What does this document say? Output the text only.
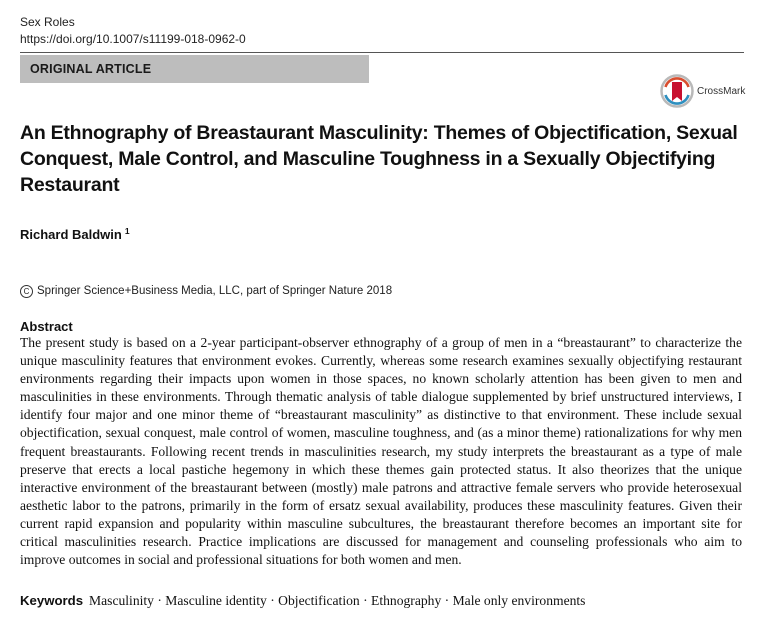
Sex Roles
https://doi.org/10.1007/s11199-018-0962-0
ORIGINAL ARTICLE
CrossMark
An Ethnography of Breastaurant Masculinity: Themes of Objectification, Sexual Conquest, Male Control, and Masculine Toughness in a Sexually Objectifying Restaurant
Richard Baldwin $^1$
C Springer Science+Business Media, LLC, part of Springer Nature 2018
Abstract

The present study is based on a 2-year participant-observer ethnography of a group of men in a “breastaurant” to characterize the unique masculinity features that environment evokes. Currently, whereas some research examines sexually objectifying restaurant environments regarding their impacts upon women in those spaces, no known scholarly attention has been given to men and masculinities in these environments. Through thematic analysis of table dialogue supplemented by brief unstructured interviews, I identify four major and one minor theme of “breastaurant masculinity” as distinctive to that environment. These include sexual objectification, sexual conquest, male control of women, masculine toughness, and (as a minor theme) rationalizations for why men frequent breastaurants. Following recent trends in masculinities research, my study interprets the breastaurant as a type of male preserve that erects a local pastiche hegemony in which these themes gain protected status. It also theorizes that the unique interactive environment of the breastaurant between (mostly) male patrons and attractive female servers who provide heterosexual aesthetic labor to the patrons, primarily in the form of ersatz sexual availability, produces these masculinity features. Given their current rapid expansion and popularity within masculine subcultures, the breastaurant therefore becomes an important site for critical masculinities research. Practice implications are discussed for management and counseling professionals who aim to improve outcomes in social and professional situations for both women and men.

Keywords Masculinity · Masculine identity · Objectification · Ethnography · Male only environments
